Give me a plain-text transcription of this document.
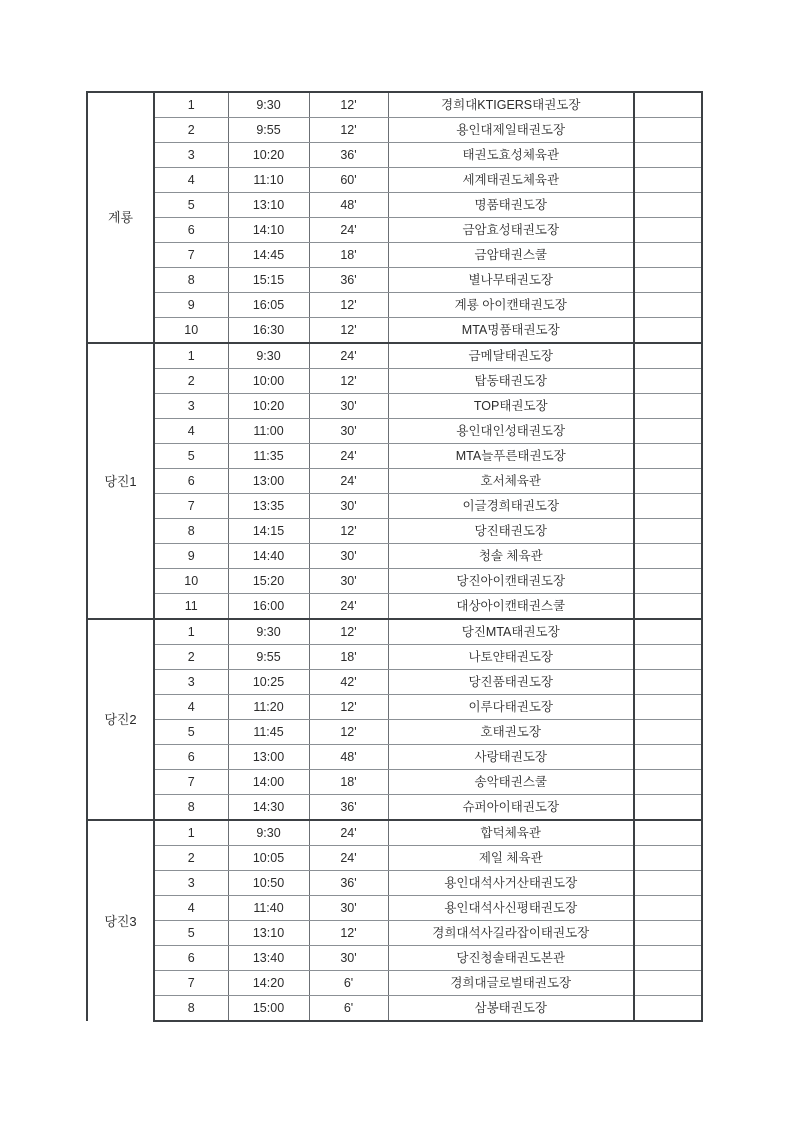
계룡	1	9:30	12'	경희대KTIGERS태권도장	
	2	9:55	12'	용인대제일태권도장	
	3	10:20	36'	태권도효성체육관	
	4	11:10	60'	세계태권도체육관	
	5	13:10	48'	명품태권도장	
	6	14:10	24'	금암효성태권도장	
	7	14:45	18'	금암태권스쿨	
	8	15:15	36'	별나무태권도장	
	9	16:05	12'	계룡 아이캔태권도장	
	10	16:30	12'	MTA명품태권도장	
당진1	1	9:30	24'	금메달태권도장	
	2	10:00	12'	탑동태권도장	
	3	10:20	30'	TOP태권도장	
	4	11:00	30'	용인대인성태권도장	
	5	11:35	24'	MTA늘푸른태권도장	
	6	13:00	24'	호서체육관	
	7	13:35	30'	이글경희태권도장	
	8	14:15	12'	당진태권도장	
	9	14:40	30'	청솔 체육관	
	10	15:20	30'	당진아이캔태권도장	
	11	16:00	24'	대상아이캔태권스쿨	
당진2	1	9:30	12'	당진MTA태권도장	
	2	9:55	18'	나토얀태권도장	
	3	10:25	42'	당진품태권도장	
	4	11:20	12'	이루다태권도장	
	5	11:45	12'	호태권도장	
	6	13:00	48'	사랑태권도장	
	7	14:00	18'	송악태권스쿨	
	8	14:30	36'	슈퍼아이태권도장	
당진3	1	9:30	24'	합덕체육관	
	2	10:05	24'	제일 체육관	
	3	10:50	36'	용인대석사거산태권도장	
	4	11:40	30'	용인대석사신평태권도장	
	5	13:10	12'	경희대석사길라잡이태권도장	
	6	13:40	30'	당진청솔태권도본관	
	7	14:20	6'	경희대글로벌태권도장	
	8	15:00	6'	삼봉태권도장	
